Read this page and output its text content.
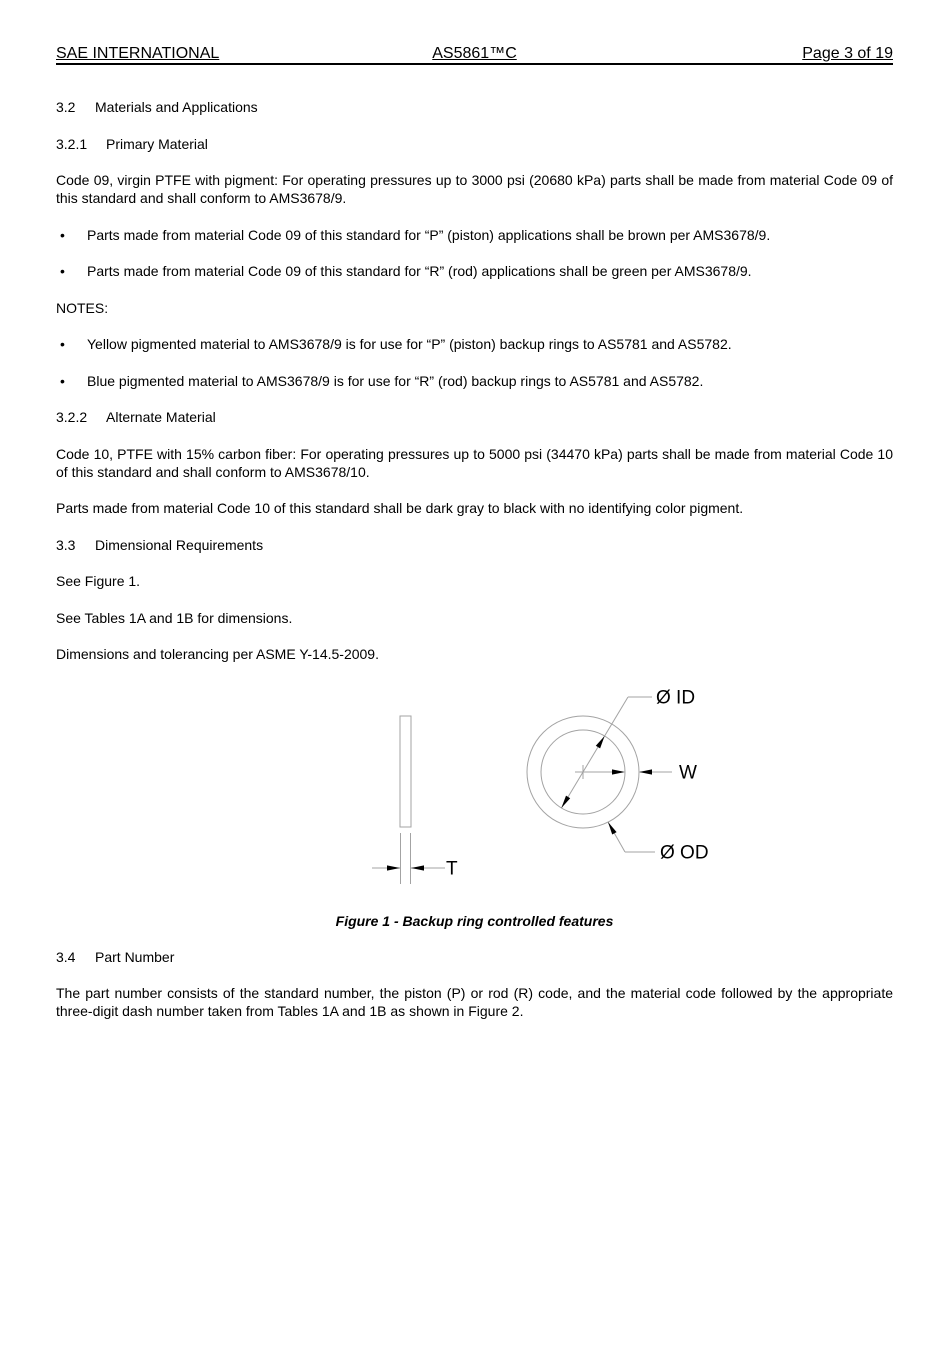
SAE INTERNATIONAL	AS5861™C	Page 3 of 19
3.2	Materials and Applications
3.2.1	Primary Material

Code 09, virgin PTFE with pigment: For operating pressures up to 3000 psi (20680 kPa) parts shall be made from material Code 09 of this standard and shall conform to AMS3678/9.

•	Parts made from material Code 09 of this standard for “P” (piston) applications shall be brown per AMS3678/9.
•	Parts made from material Code 09 of this standard for “R” (rod) applications shall be green per AMS3678/9.

NOTES:

•	Yellow pigmented material to AMS3678/9 is for use for “P” (piston) backup rings to AS5781 and AS5782.
•	Blue pigmented material to AMS3678/9 is for use for “R” (rod) backup rings to AS5781 and AS5782.
3.2.2	Alternate Material

Code 10, PTFE with 15% carbon fiber: For operating pressures up to 5000 psi (34470 kPa) parts shall be made from material Code 10 of this standard and shall conform to AMS3678/10.

Parts made from material Code 10 of this standard shall be dark gray to black with no identifying color pigment.

3.3	Dimensional Requirements

See Figure 1.

See Tables 1A and 1B for dimensions.

Dimensions and tolerancing per ASME Y-14.5-2009.

T
Ø ID
W
Ø OD

Figure 1 - Backup ring controlled features

3.4	Part Number

The part number consists of the standard number, the piston (P) or rod (R) code, and the material code followed by the appropriate three-digit dash number taken from Tables 1A and 1B as shown in Figure 2.
